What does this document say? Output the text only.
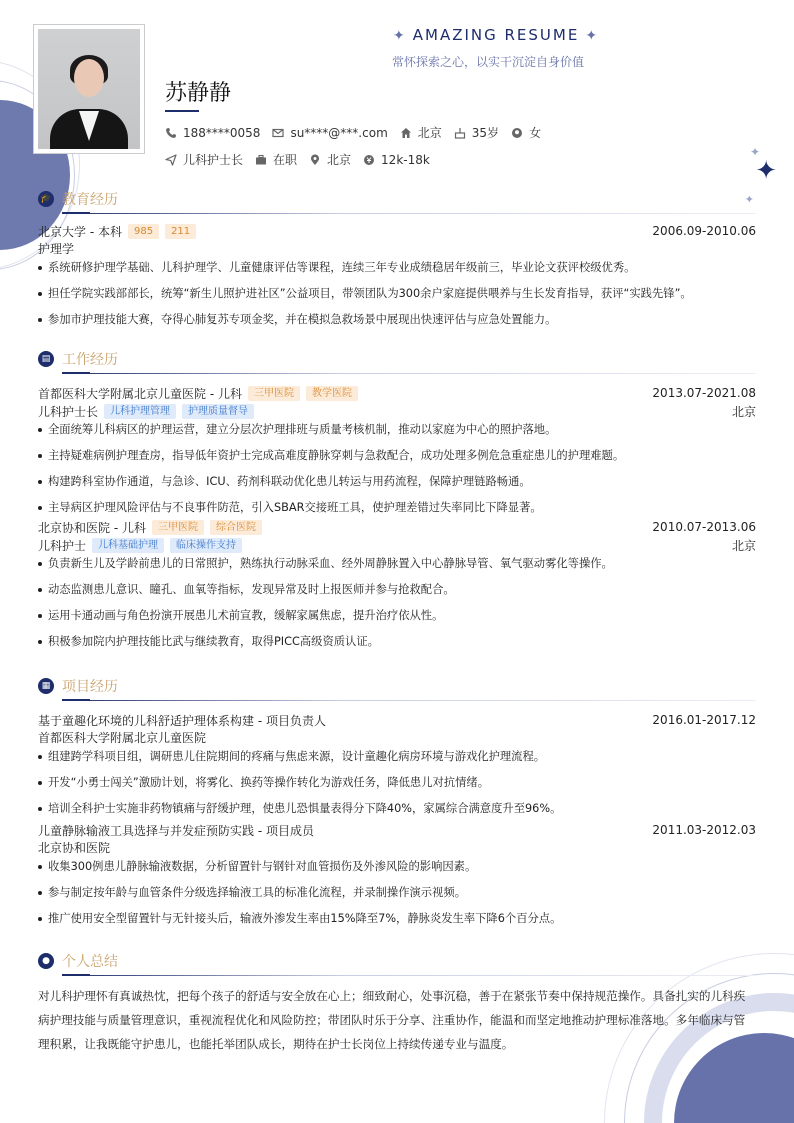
✦
✦
✦
✦ AMAZING RESUME ✦
常怀探索之心，以实干沉淀自身价值
苏静静
188****0058	su****@***.com	北京	35岁	女
儿科护士长	在职	北京	12k-18k
🎓 教育经历
北京大学 - 本科	985	211	2006.09-2010.06
护理学
系统研修护理学基础、儿科护理学、儿童健康评估等课程，连续三年专业成绩稳居年级前三，毕业论文获评校级优秀。
担任学院实践部部长，统筹“新生儿照护进社区”公益项目，带领团队为300余户家庭提供喂养与生长发育指导，获评“实践先锋”。
参加市护理技能大赛，夺得心肺复苏专项金奖，并在模拟急救场景中展现出快速评估与应急处置能力。
▤ 工作经历
首都医科大学附属北京儿童医院 - 儿科	三甲医院	教学医院	2013.07-2021.08
儿科护士长	儿科护理管理	护理质量督导	北京
全面统筹儿科病区的护理运营，建立分层次护理排班与质量考核机制，推动以家庭为中心的照护落地。
主持疑难病例护理查房，指导低年资护士完成高难度静脉穿刺与急救配合，成功处理多例危急重症患儿的护理难题。
构建跨科室协作通道，与急诊、ICU、药剂科联动优化患儿转运与用药流程，保障护理链路畅通。
主导病区护理风险评估与不良事件防范，引入SBAR交接班工具，使护理差错过失率同比下降显著。
北京协和医院 - 儿科	三甲医院	综合医院	2010.07-2013.06
儿科护士	儿科基础护理	临床操作支持	北京
负责新生儿及学龄前患儿的日常照护，熟练执行动脉采血、经外周静脉置入中心静脉导管、氧气驱动雾化等操作。
动态监测患儿意识、瞳孔、血氧等指标，发现异常及时上报医师并参与抢救配合。
运用卡通动画与角色扮演开展患儿术前宣教，缓解家属焦虑，提升治疗依从性。
积极参加院内护理技能比武与继续教育，取得PICC高级资质认证。
▦ 项目经历
基于童趣化环境的儿科舒适护理体系构建 - 项目负责人	2016.01-2017.12
首都医科大学附属北京儿童医院
组建跨学科项目组，调研患儿住院期间的疼痛与焦虑来源，设计童趣化病房环境与游戏化护理流程。
开发“小勇士闯关”激励计划，将雾化、换药等操作转化为游戏任务，降低患儿对抗情绪。
培训全科护士实施非药物镇痛与舒缓护理，使患儿恐惧量表得分下降40%，家属综合满意度升至96%。
儿童静脉输液工具选择与并发症预防实践 - 项目成员	2011.03-2012.03
北京协和医院
收集300例患儿静脉输液数据，分析留置针与钢针对血管损伤及外渗风险的影响因素。
参与制定按年龄与血管条件分级选择输液工具的标准化流程，并录制操作演示视频。
推广使用安全型留置针与无针接头后，输液外渗发生率由15%降至7%，静脉炎发生率下降6个百分点。
● 个人总结
对儿科护理怀有真诚热忱，把每个孩子的舒适与安全放在心上；细致耐心，处事沉稳，善于在紧张节奏中保持规范操作。具备扎实的儿科疾病护理技能与质量管理意识，重视流程优化和风险防控；带团队时乐于分享、注重协作，能温和而坚定地推动护理标准落地。多年临床与管理积累，让我既能守护患儿，也能托举团队成长，期待在护士长岗位上持续传递专业与温度。
